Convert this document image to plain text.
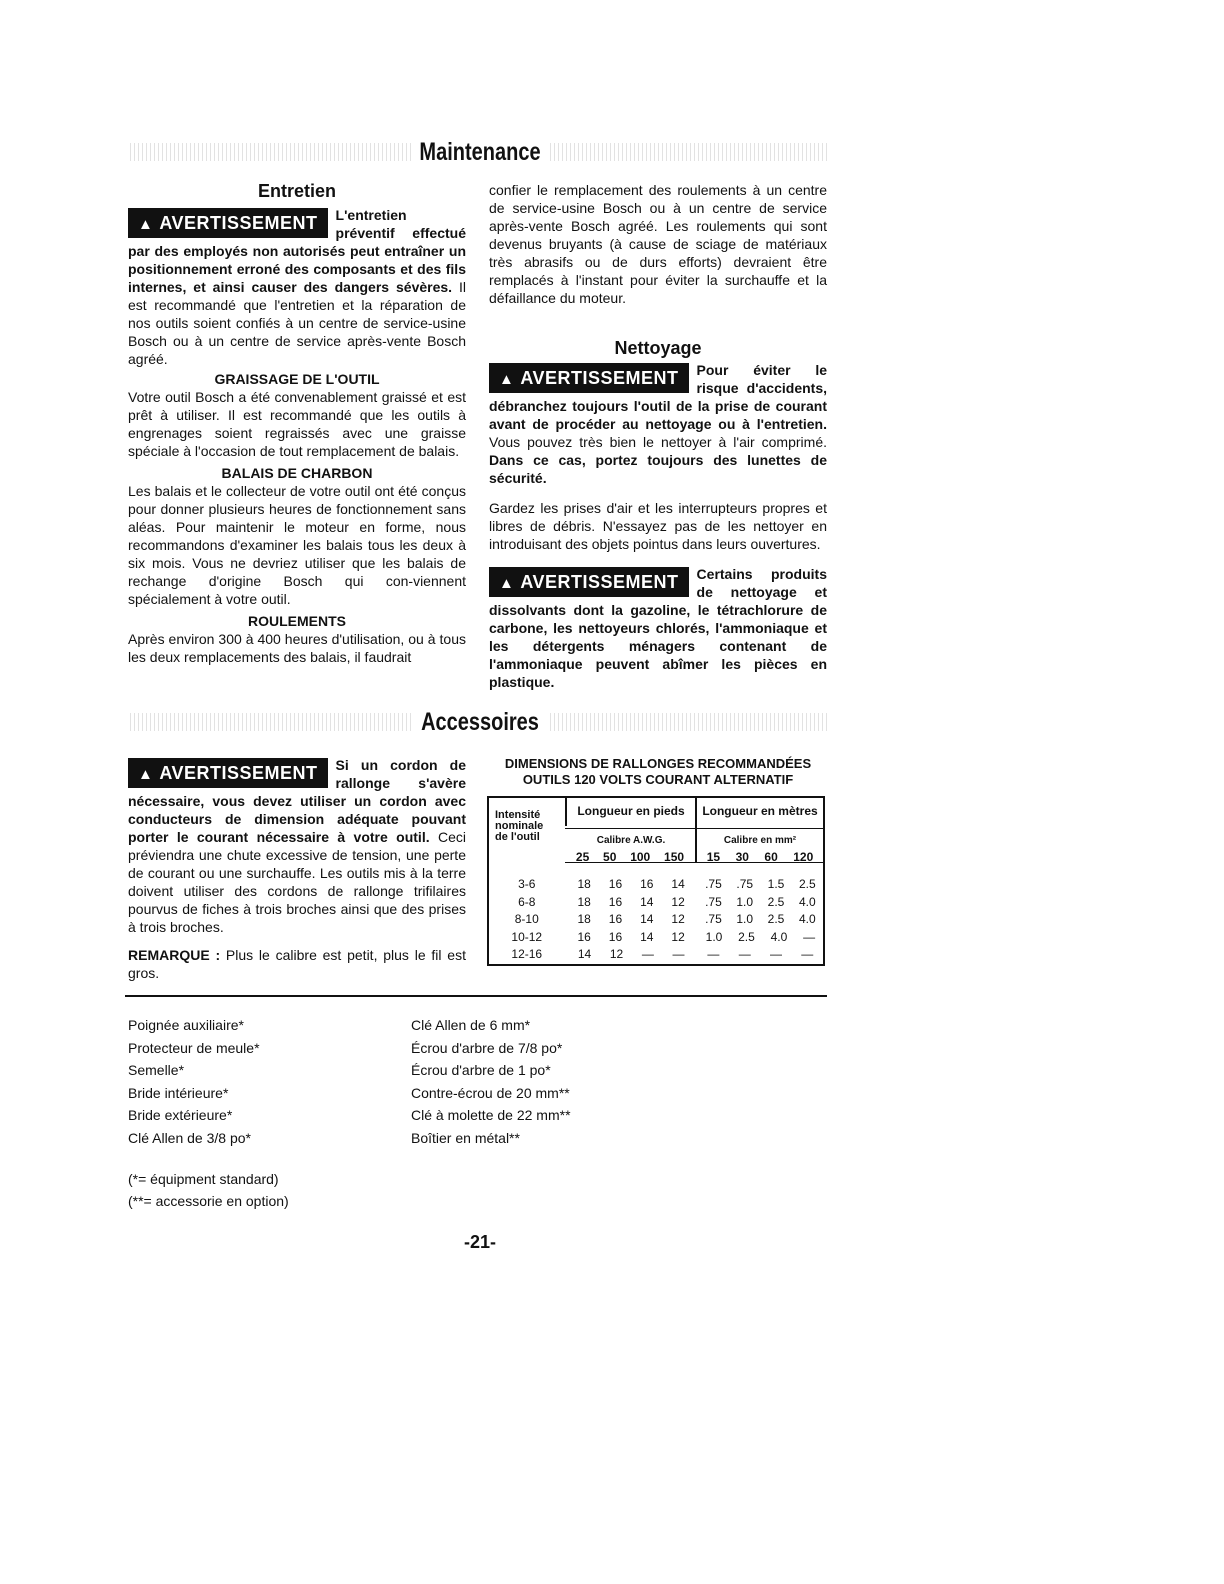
Maintenance
Entretien

▲ AVERTISSEMENT	L'entretien préventif effectué par des employés non autorisés peut entraîner un positionnement erroné des composants et des fils internes, et ainsi causer des dangers sévères. Il est recommandé que l'entretien et la réparation de nos outils soient confiés à un centre de service-usine Bosch ou à un centre de service après-vente Bosch agréé.

GRAISSAGE DE L'OUTIL

Votre outil Bosch a été convenablement graissé et est prêt à utiliser. Il est recommandé que les outils à engrenages soient regraissés avec une graisse spéciale à l'occasion de tout remplacement de balais.

BALAIS DE CHARBON

Les balais et le collecteur de votre outil ont été conçus pour donner plusieurs heures de fonctionnement sans aléas. Pour maintenir le moteur en forme, nous recommandons d'examiner les balais tous les deux à six mois. Vous ne devriez utiliser que les balais de rechange d'origine Bosch qui con-viennent spécialement à votre outil.

ROULEMENTS

Après environ 300 à 400 heures d'utilisation, ou à tous les deux remplacements des balais, il faudrait

confier le remplacement des roulements à un centre de service-usine Bosch ou à un centre de service après-vente Bosch agréé. Les roulements qui sont devenus bruyants (à cause de sciage de matériaux très abrasifs ou de durs efforts) devraient être remplacés à l'instant pour éviter la surchauffe et la défaillance du moteur.

Nettoyage

▲ AVERTISSEMENT	Pour éviter le risque d'accidents, débranchez toujours l'outil de la prise de courant avant de procéder au nettoyage ou à l'entretien. Vous pouvez très bien le nettoyer à l'air comprimé. Dans ce cas, portez toujours des lunettes de sécurité.

Gardez les prises d'air et les interrupteurs propres et libres de débris. N'essayez pas de les nettoyer en introduisant des objets pointus dans leurs ouvertures.

▲ AVERTISSEMENT	Certains produits de nettoyage et dissolvants dont la gazoline, le tétrachlorure de carbone, les nettoyeurs chlorés, l'ammoniaque et les détergents ménagers contenant de l'ammoniaque peuvent abîmer les pièces en plastique.

Accessoires

▲ AVERTISSEMENT	Si un cordon de rallonge s'avère nécessaire, vous devez utiliser un cordon avec conducteurs de dimension adéquate pouvant porter le courant nécessaire à votre outil. Ceci préviendra une chute excessive de tension, une perte de courant ou une surchauffe. Les outils mis à la terre doivent utiliser des cordons de rallonge trifilaires pourvus de fiches à trois broches ainsi que des prises à trois broches.

REMARQUE : Plus le calibre est petit, plus le fil est gros.

DIMENSIONS DE RALLONGES RECOMMANDÉES
OUTILS 120 VOLTS COURANT ALTERNATIF
Intensité nominale de l'outil
Longueur en pieds	Longueur en mètres
Calibre A.W.G.	Calibre en mm²
25 50 100 150 15 30 60 120
3-6	18 16 16 14 .75 .75 1.5 2.5
6-8	18 16 14 12 .75 1.0 2.5 4.0
8-10	18 16 14 12 .75 1.0 2.5 4.0
10-12	16 16 14 12 1.0 2.5 4.0 —
12-16	14 12 — — — — — —
Poignée auxiliaire*
Protecteur de meule*
Semelle*
Bride intérieure*
Bride extérieure*
Clé Allen de 3/8 po*
Clé Allen de 6 mm*
Écrou d'arbre de 7/8 po*
Écrou d'arbre de 1 po*
Contre-écrou de 20 mm**
Clé à molette de 22 mm**
Boîtier en métal**
(*= équipment standard)
(**= accessorie en option)
-21-
